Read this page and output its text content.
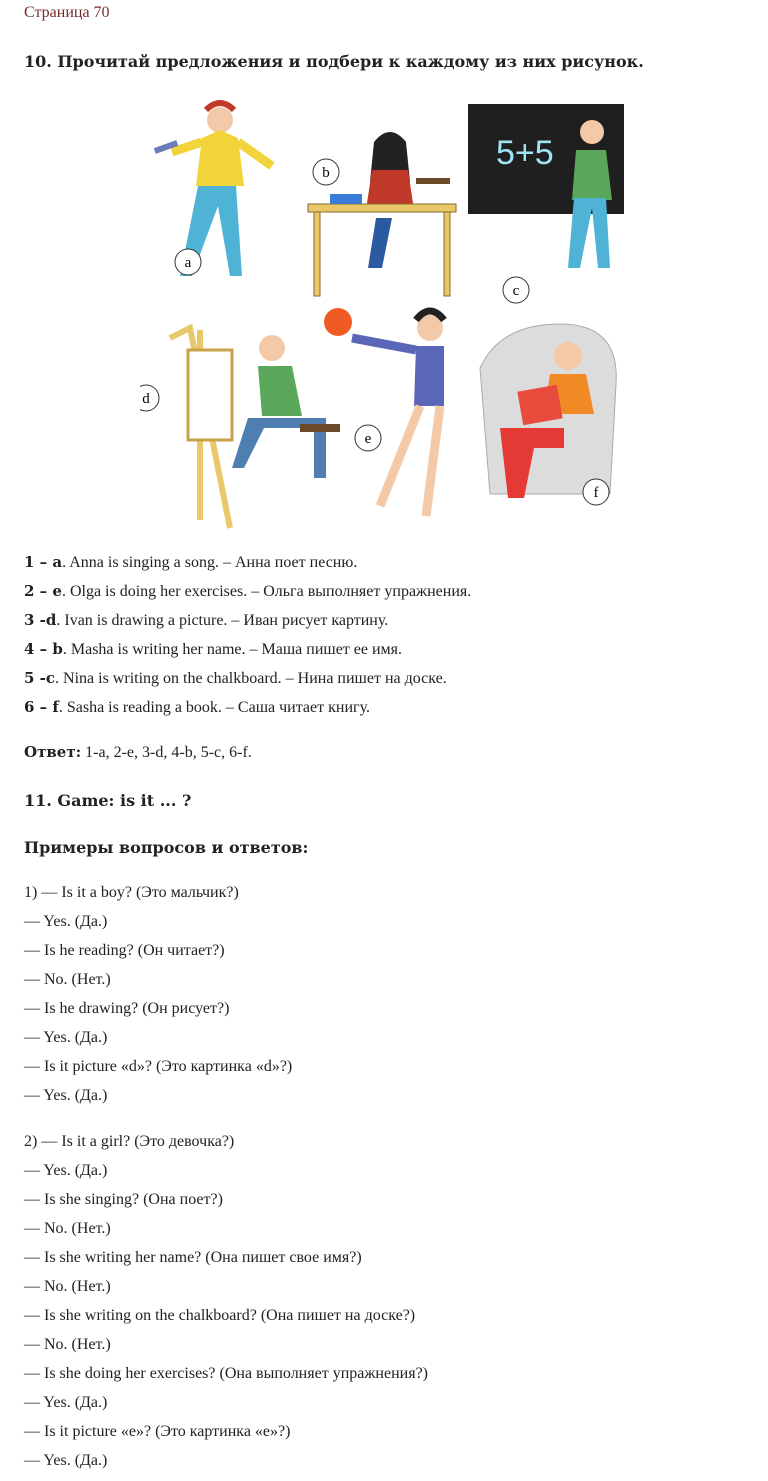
Страница 70
10. Прочитай предложения и подбери к каждому из них рисунок.
a
b
5+5
c
d
e
f
1 – a. Anna is singing a song. – Анна поет песню.
2 – e. Olga is doing her exercises. – Ольга выполняет упражнения.
3 -d. Ivan is drawing a picture. – Иван рисует картину.
4 – b. Masha is writing her name. – Маша пишет ее имя.
5 -c. Nina is writing on the chalkboard. – Нина пишет на доске.
6 – f. Sasha is reading a book. – Саша читает книгу.
Ответ: 1-a, 2-e, 3-d, 4-b, 5-c, 6-f.
11. Game: is it ... ?
Примеры вопросов и ответов:
1) — Is it a boy? (Это мальчик?)
— Yes. (Да.)
— Is he reading? (Он читает?)
— No. (Нет.)
— Is he drawing? (Он рисует?)
— Yes. (Да.)
— Is it picture «d»? (Это картинка «d»?)
— Yes. (Да.)
2) — Is it a girl? (Это девочка?)
— Yes. (Да.)
— Is she singing? (Она поет?)
— No. (Нет.)
— Is she writing her name? (Она пишет свое имя?)
— No. (Нет.)
— Is she writing on the chalkboard? (Она пишет на доске?)
— No. (Нет.)
— Is she doing her exercises? (Она выполняет упражнения?)
— Yes. (Да.)
— Is it picture «e»? (Это картинка «e»?)
— Yes. (Да.)
